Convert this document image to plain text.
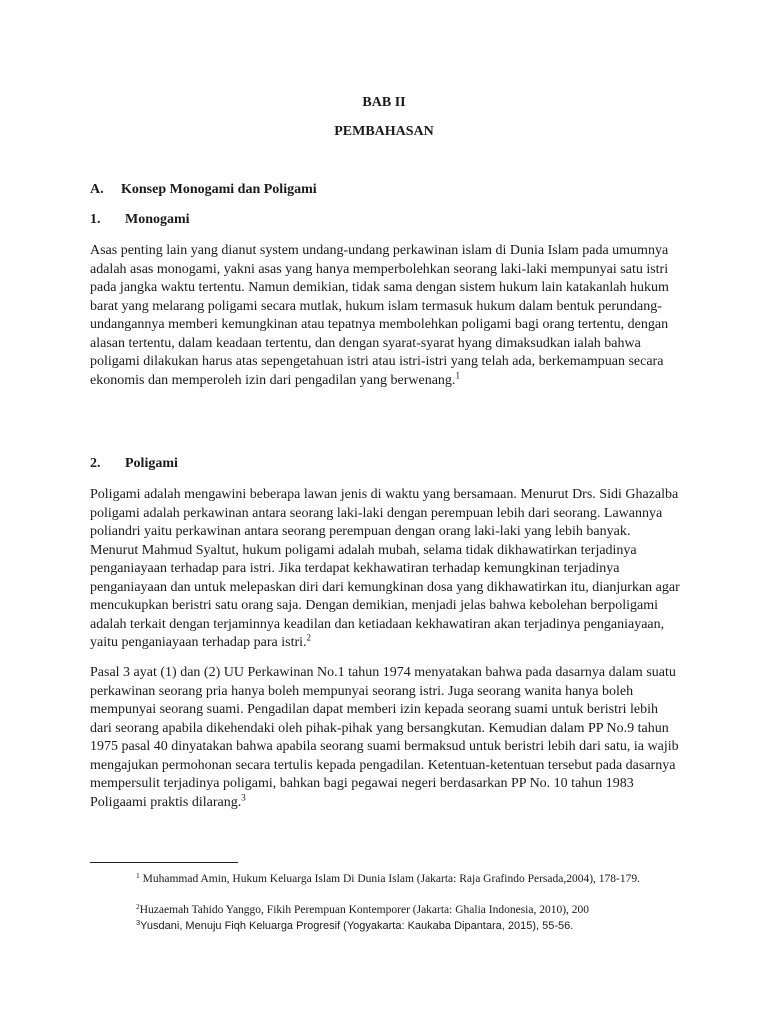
BAB II

PEMBAHASAN

A. Konsep Monogami dan Poligami

1. Monogami

Asas penting lain yang dianut system undang-undang perkawinan islam di Dunia Islam pada umumnya adalah asas monogami, yakni asas yang hanya memperbolehkan seorang laki-laki mempunyai satu istri pada jangka waktu tertentu. Namun demikian, tidak sama dengan sistem hukum lain katakanlah hukum barat yang melarang poligami secara mutlak, hukum islam termasuk hukum dalam bentuk perundang-undangannya memberi kemungkinan atau tepatnya membolehkan poligami bagi orang tertentu, dengan alasan tertentu, dalam keadaan tertentu, dan dengan syarat-syarat hyang dimaksudkan ialah bahwa poligami dilakukan harus atas sepengetahuan istri atau istri-istri yang telah ada, berkemampuan secara ekonomis dan memperoleh izin dari pengadilan yang berwenang.$^1$

2. Poligami

Poligami adalah mengawini beberapa lawan jenis di waktu yang bersamaan. Menurut Drs. Sidi Ghazalba poligami adalah perkawinan antara seorang laki-laki dengan perempuan lebih dari seorang. Lawannya poliandri yaitu perkawinan antara seorang perempuan dengan orang laki-laki yang lebih banyak. Menurut Mahmud Syaltut, hukum poligami adalah mubah, selama tidak dikhawatirkan terjadinya penganiayaan terhadap para istri. Jika terdapat kekhawatiran terhadap kemungkinan terjadinya penganiayaan dan untuk melepaskan diri dari kemungkinan dosa yang dikhawatirkan itu, dianjurkan agar mencukupkan beristri satu orang saja. Dengan demikian, menjadi jelas bahwa kebolehan berpoligami adalah terkait dengan terjaminnya keadilan dan ketiadaan kekhawatiran akan terjadinya penganiayaan, yaitu penganiayaan terhadap para istri.$^2$

Pasal 3 ayat (1) dan (2) UU Perkawinan No.1 tahun 1974 menyatakan bahwa pada dasarnya dalam suatu perkawinan seorang pria hanya boleh mempunyai seorang istri. Juga seorang wanita hanya boleh mempunyai seorang suami. Pengadilan dapat memberi izin kepada seorang suami untuk beristri lebih dari seorang apabila dikehendaki oleh pihak-pihak yang bersangkutan. Kemudian dalam PP No.9 tahun 1975 pasal 40 dinyatakan bahwa apabila seorang suami bermaksud untuk beristri lebih dari satu, ia wajib mengajukan permohonan secara tertulis kepada pengadilan. Ketentuan-ketentuan tersebut pada dasarnya mempersulit terjadinya poligami, bahkan bagi pegawai negeri berdasarkan PP No. 10 tahun 1983 Poligaami praktis dilarang.$^3$

$^1$ Muhammad Amin, Hukum Keluarga Islam Di Dunia Islam (Jakarta: Raja Grafindo Persada,2004), 178-179.

$^2$Huzaemah Tahido Yanggo, Fikih Perempuan Kontemporer (Jakarta: Ghalia Indonesia, 2010), 200

$^3$Yusdani, Menuju Fiqh Keluarga Progresif (Yogyakarta: Kaukaba Dipantara, 2015), 55-56.
